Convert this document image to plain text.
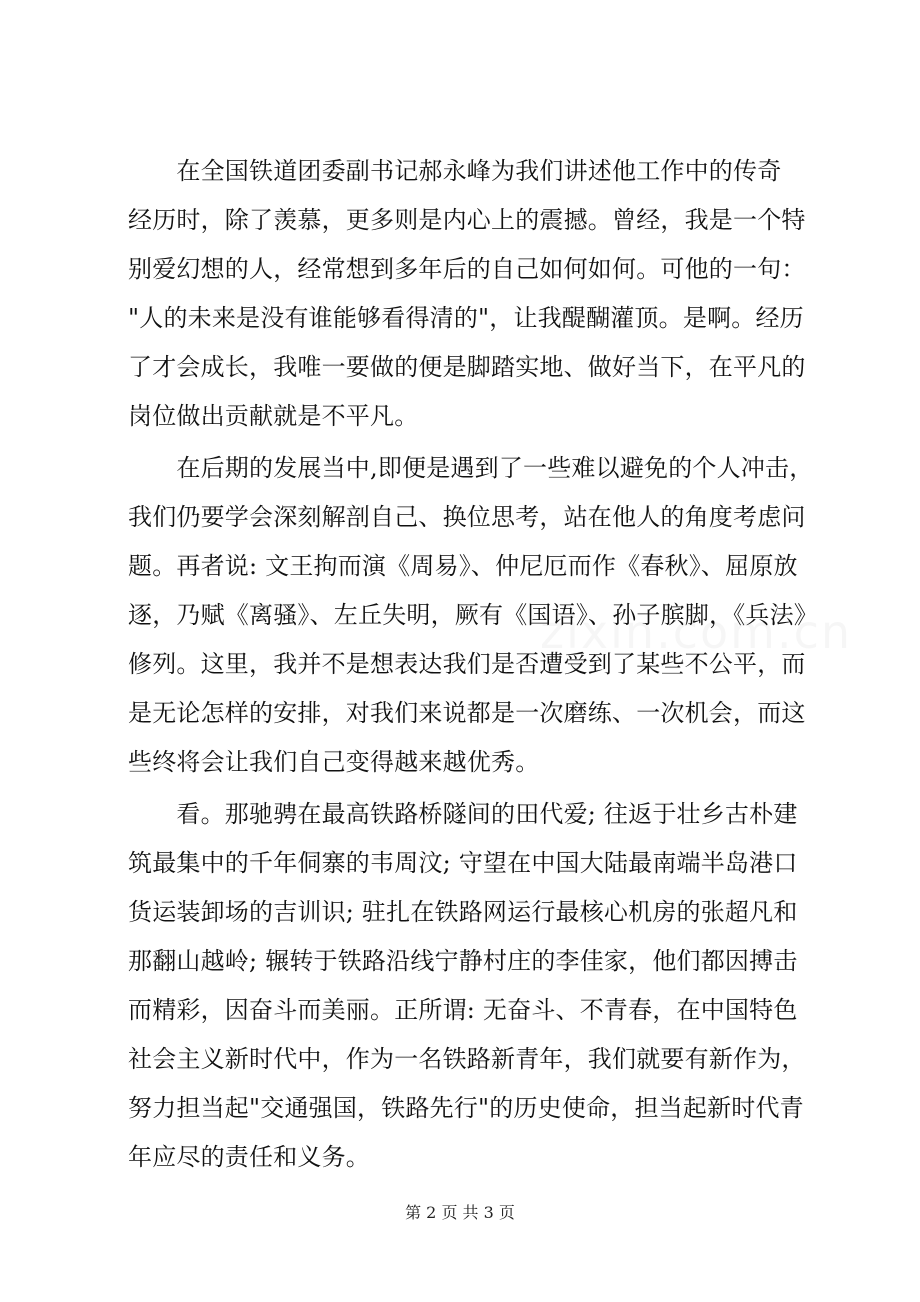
　　在全国铁道团委副书记郝永峰为我们讲述他工作中的传奇
经历时，除了羡慕，更多则是内心上的震撼。曾经，我是一个特
别爱幻想的人，经常想到多年后的自己如何如何。可他的一句：
"人的未来是没有谁能够看得清的"，让我醍醐灌顶。是啊。经历
了才会成长，我唯一要做的便是脚踏实地、做好当下，在平凡的
岗位做出贡献就是不平凡。
　　在后期的发展当中,即便是遇到了一些难以避免的个人冲击，
我们仍要学会深刻解剖自己、换位思考，站在他人的角度考虑问
题。再者说: 文王拘而演《周易》、仲尼厄而作《春秋》、屈原放
逐，乃赋《离骚》、左丘失明，厥有《国语》、孙子膑脚，《兵法》
修列。这里，我并不是想表达我们是否遭受到了某些不公平，而
是无论怎样的安排，对我们来说都是一次磨练、一次机会，而这
些终将会让我们自己变得越来越优秀。
　　看。那驰骋在最高铁路桥隧间的田代爱; 往返于壮乡古朴建
筑最集中的千年侗寨的韦周汶; 守望在中国大陆最南端半岛港口
货运装卸场的吉训识; 驻扎在铁路网运行最核心机房的张超凡和
那翻山越岭; 辗转于铁路沿线宁静村庄的李佳家，他们都因搏击
而精彩，因奋斗而美丽。正所谓: 无奋斗、不青春，在中国特色
社会主义新时代中，作为一名铁路新青年，我们就要有新作为，
努力担当起"交通强国，铁路先行"的历史使命，担当起新时代青
年应尽的责任和义务。
第 2 页 共 3 页
